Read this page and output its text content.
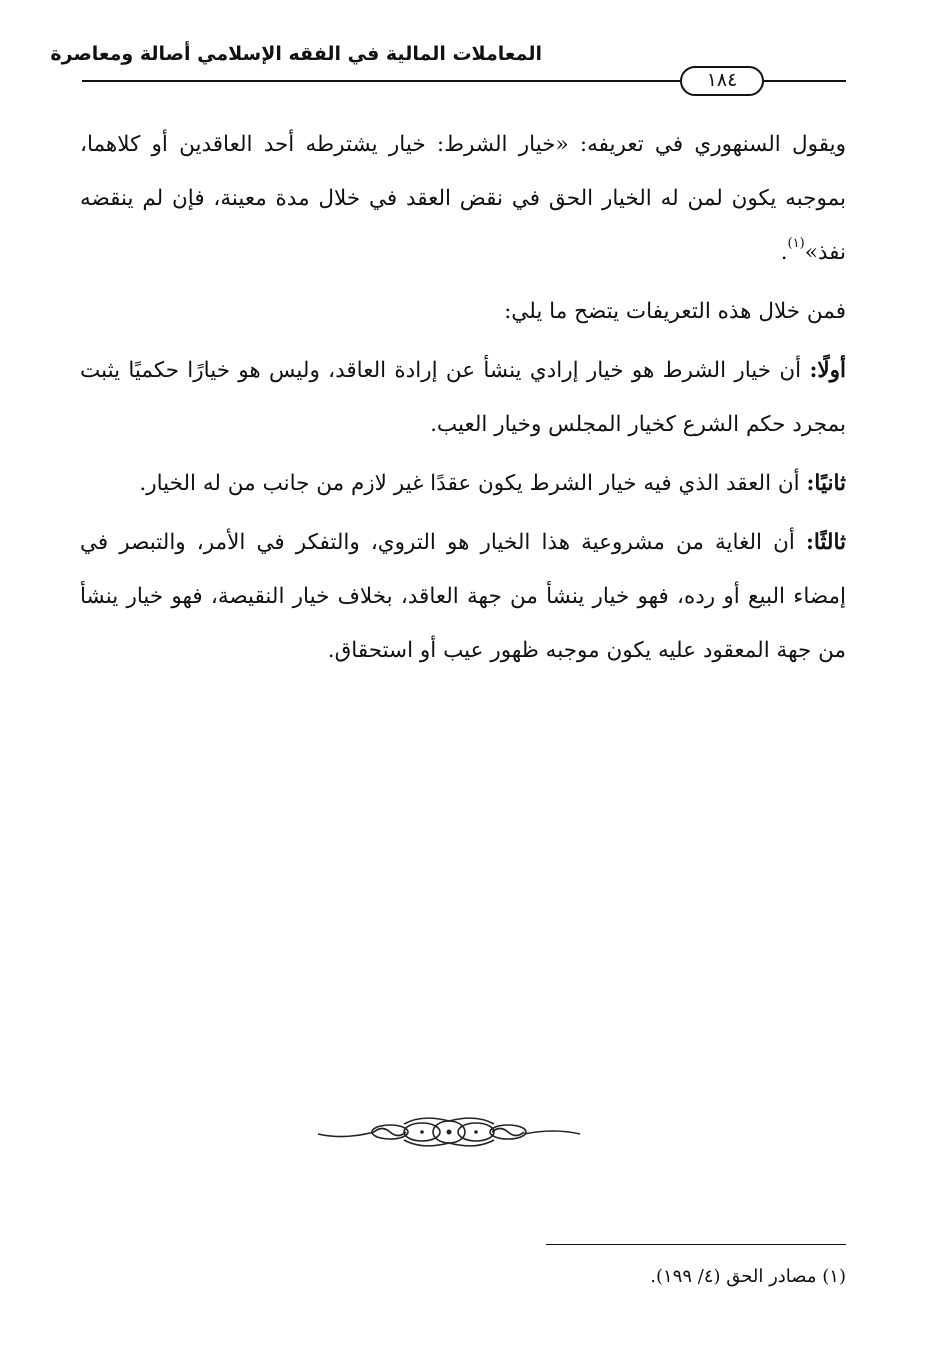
المعاملات المالية في الفقه الإسلامي أصالة ومعاصرة
١٨٤

ويقول السنهوري في تعريفه: «خيار الشرط: خيار يشترطه أحد العاقدين أو كلاهما، بموجبه يكون لمن له الخيار الحق في نقض العقد في خلال مدة معينة، فإن لم ينقضه نفذ»$^{(١)}$.

فمن خلال هذه التعريفات يتضح ما يلي:

أولًا: أن خيار الشرط هو خيار إرادي ينشأ عن إرادة العاقد، وليس هو خيارًا حكميًا يثبت بمجرد حكم الشرع كخيار المجلس وخيار العيب.

ثانيًا: أن العقد الذي فيه خيار الشرط يكون عقدًا غير لازم من جانب من له الخيار.

ثالثًا: أن الغاية من مشروعية هذا الخيار هو التروي، والتفكر في الأمر، والتبصر في إمضاء البيع أو رده، فهو خيار ينشأ من جهة العاقد، بخلاف خيار النقيصة، فهو خيار ينشأ من جهة المعقود عليه يكون موجبه ظهور عيب أو استحقاق.

(١) مصادر الحق (٤/ ١٩٩).
